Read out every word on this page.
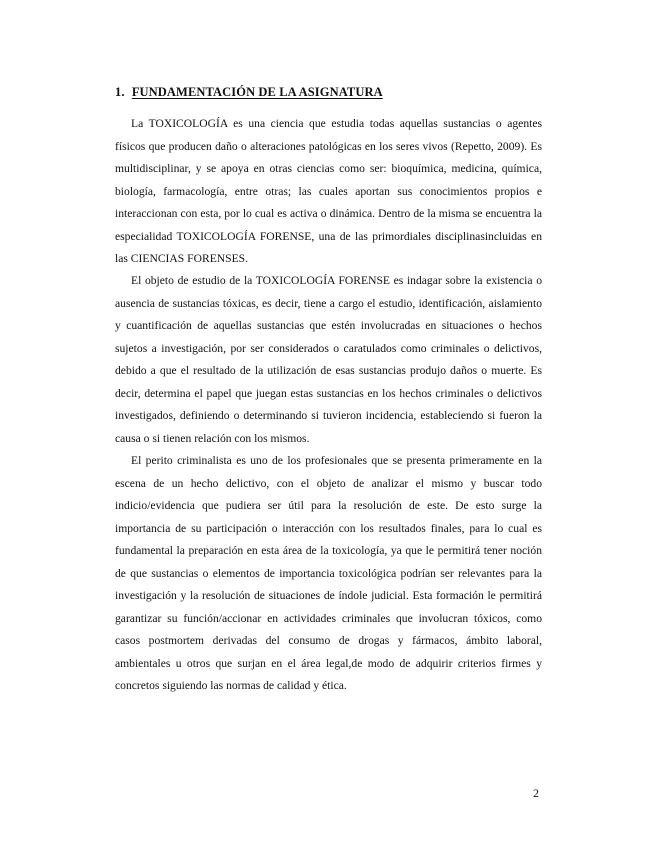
1. FUNDAMENTACIÓN DE LA ASIGNATURA

La TOXICOLOGÍA es una ciencia que estudia todas aquellas sustancias o agentes físicos que producen daño o alteraciones patológicas en los seres vivos (Repetto, 2009). Es multidisciplinar, y se apoya en otras ciencias como ser: bioquímica, medicina, química, biología, farmacología, entre otras; las cuales aportan sus conocimientos propios e interaccionan con esta, por lo cual es activa o dinámica. Dentro de la misma se encuentra la especialidad TOXICOLOGÍA FORENSE, una de las primordiales disciplinasincluidas en las CIENCIAS FORENSES.

El objeto de estudio de la TOXICOLOGÍA FORENSE es indagar sobre la existencia o ausencia de sustancias tóxicas, es decir, tiene a cargo el estudio, identificación, aislamiento y cuantificación de aquellas sustancias que estén involucradas en situaciones o hechos sujetos a investigación, por ser considerados o caratulados como criminales o delictivos, debido a que el resultado de la utilización de esas sustancias produjo daños o muerte. Es decir, determina el papel que juegan estas sustancias en los hechos criminales o delictivos investigados, definiendo o determinando si tuvieron incidencia, estableciendo si fueron la causa o si tienen relación con los mismos.

El perito criminalista es uno de los profesionales que se presenta primeramente en la escena de un hecho delictivo, con el objeto de analizar el mismo y buscar todo indicio/evidencia que pudiera ser útil para la resolución de este. De esto surge la importancia de su participación o interacción con los resultados finales, para lo cual es fundamental la preparación en esta área de la toxicología, ya que le permitirá tener noción de que sustancias o elementos de importancia toxicológica podrían ser relevantes para la investigación y la resolución de situaciones de índole judicial. Esta formación le permitirá garantizar su función/accionar en actividades criminales que involucran tóxicos, como casos postmortem derivadas del consumo de drogas y fármacos, ámbito laboral, ambientales u otros que surjan en el área legal,de modo de adquirir criterios firmes y concretos siguiendo las normas de calidad y ética.

2
